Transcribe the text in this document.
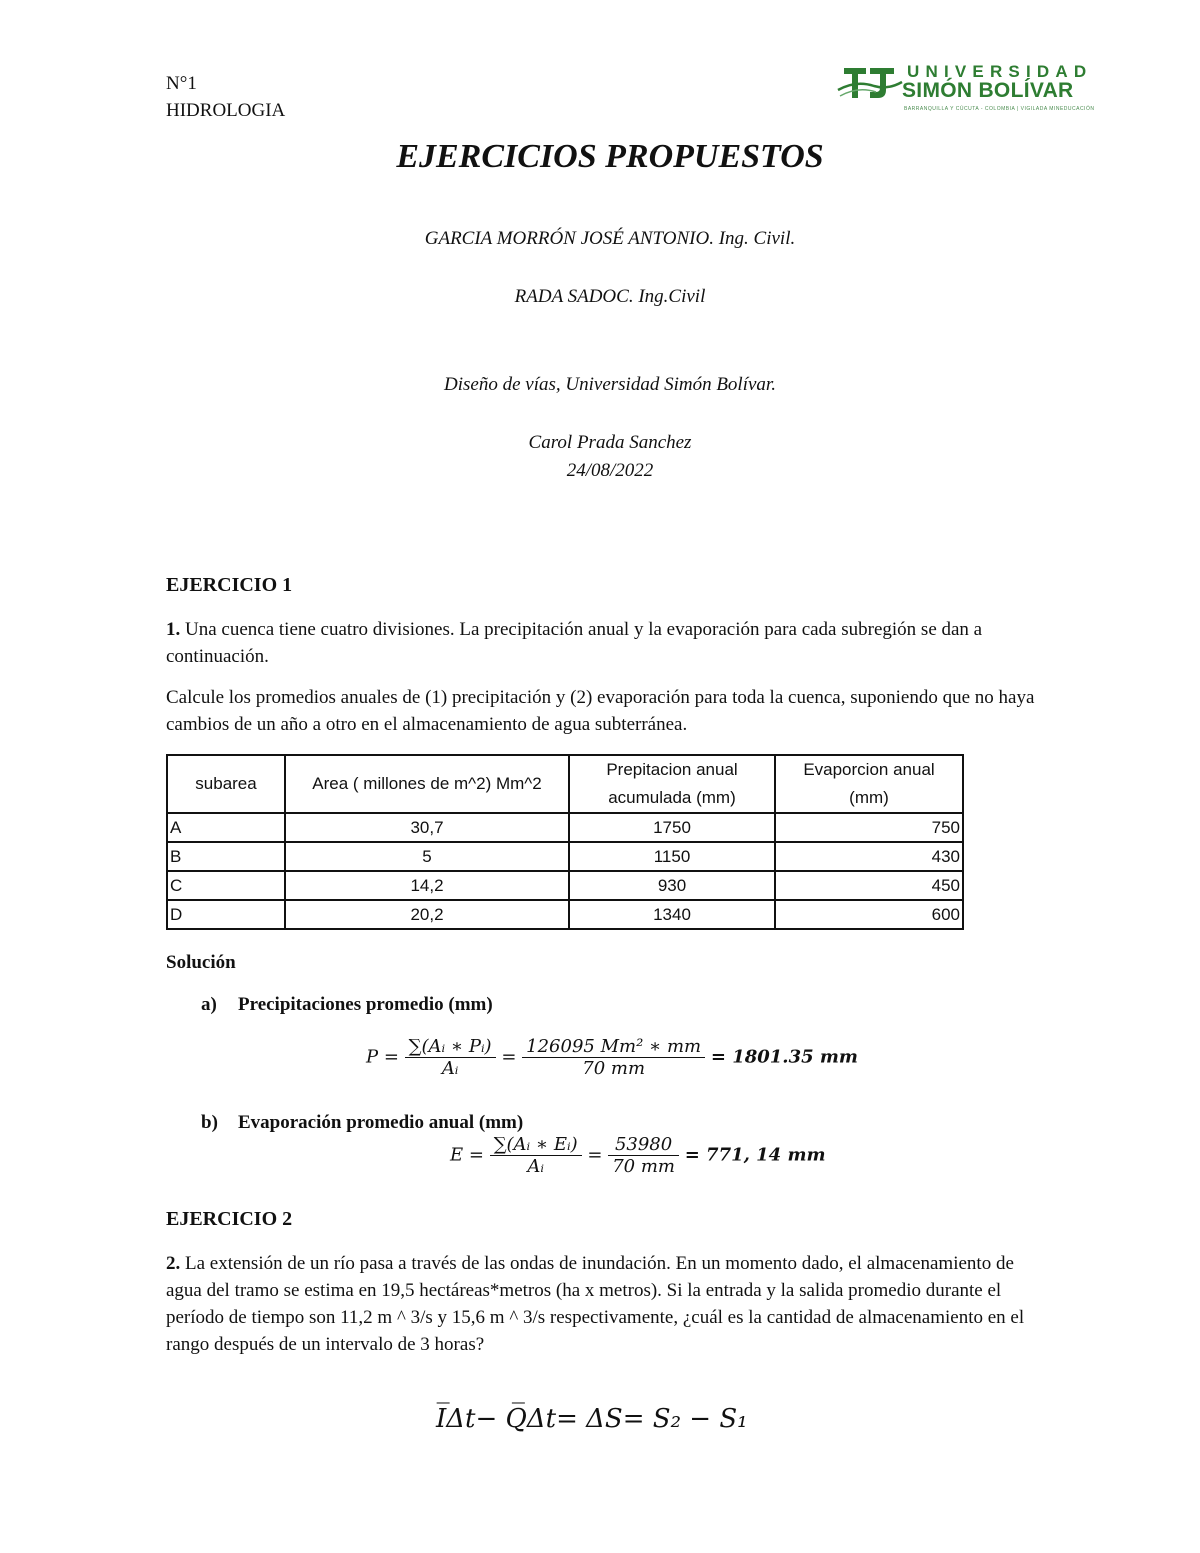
N°1
HIDROLOGIA
UNIVERSIDAD
SIMÓN BOLÍVAR
BARRANQUILLA Y CÚCUTA - COLOMBIA | VIGILADA MINEDUCACIÓN
EJERCICIOS PROPUESTOS
GARCIA MORRÓN JOSÉ ANTONIO. Ing. Civil.
RADA SADOC. Ing.Civil
Diseño de vías, Universidad Simón Bolívar.
Carol Prada Sanchez
24/08/2022
EJERCICIO 1
1. Una cuenca tiene cuatro divisiones. La precipitación anual y la evaporación para cada subregión se dan a continuación.
Calcule los promedios anuales de (1) precipitación y (2) evaporación para toda la cuenca, suponiendo que no haya cambios de un año a otro en el almacenamiento de agua subterránea.
subarea	Area ( millones de m^2) Mm^2	Prepitacion anual acumulada (mm)	Evaporcion anual (mm)
A	30,7	1750	750
B	5	1150	430
C	14,2	930	450
D	20,2	1340	600
Solución
a) Precipitaciones promedio (mm)
$P = \frac{\text{∑(Aᵢ ∗ Pᵢ)}}{\text{Aᵢ}} = \frac{\text{126095 Mm² ∗ mm}}{70 mm} = 1801.35$ mm
b) Evaporación promedio anual (mm)
$E = \frac{\text{∑(Aᵢ ∗ Eᵢ)}}{\text{Aᵢ}} = \frac{53980}{70 mm} = 771$, 14 mm
EJERCICIO 2
2. La extensión de un río pasa a través de las ondas de inundación. En un momento dado, el almacenamiento de agua del tramo se estima en 19,5 hectáreas*metros (ha x metros). Si la entrada y la salida promedio durante el período de tiempo son 11,2 m ^ 3/s y 15,6 m ^ 3/s respectivamente, ¿cuál es la cantidad de almacenamiento en el rango después de un intervalo de 3 horas?
I̅Δt− Q̅Δt= ΔS= S₂ − S₁
